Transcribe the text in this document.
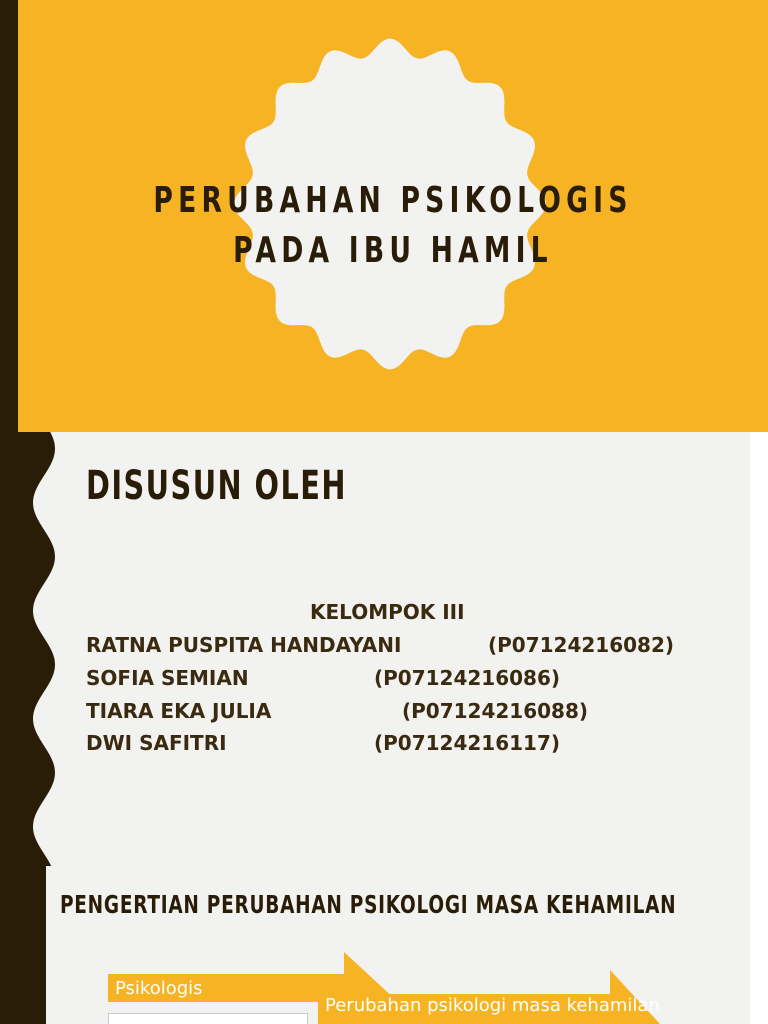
PERUBAHAN PSIKOLOGIS
PADA IBU HAMIL
DISUSUN OLEH
KELOMPOK III
RATNA PUSPITA HANDAYANI	(P07124216082)
SOFIA SEMIAN	(P07124216086)
TIARA EKA JULIA	(P07124216088)
DWI SAFITRI	(P07124216117)
PENGERTIAN PERUBAHAN PSIKOLOGI MASA KEHAMILAN
Psikologis
Perubahan psikologi masa kehamilan
